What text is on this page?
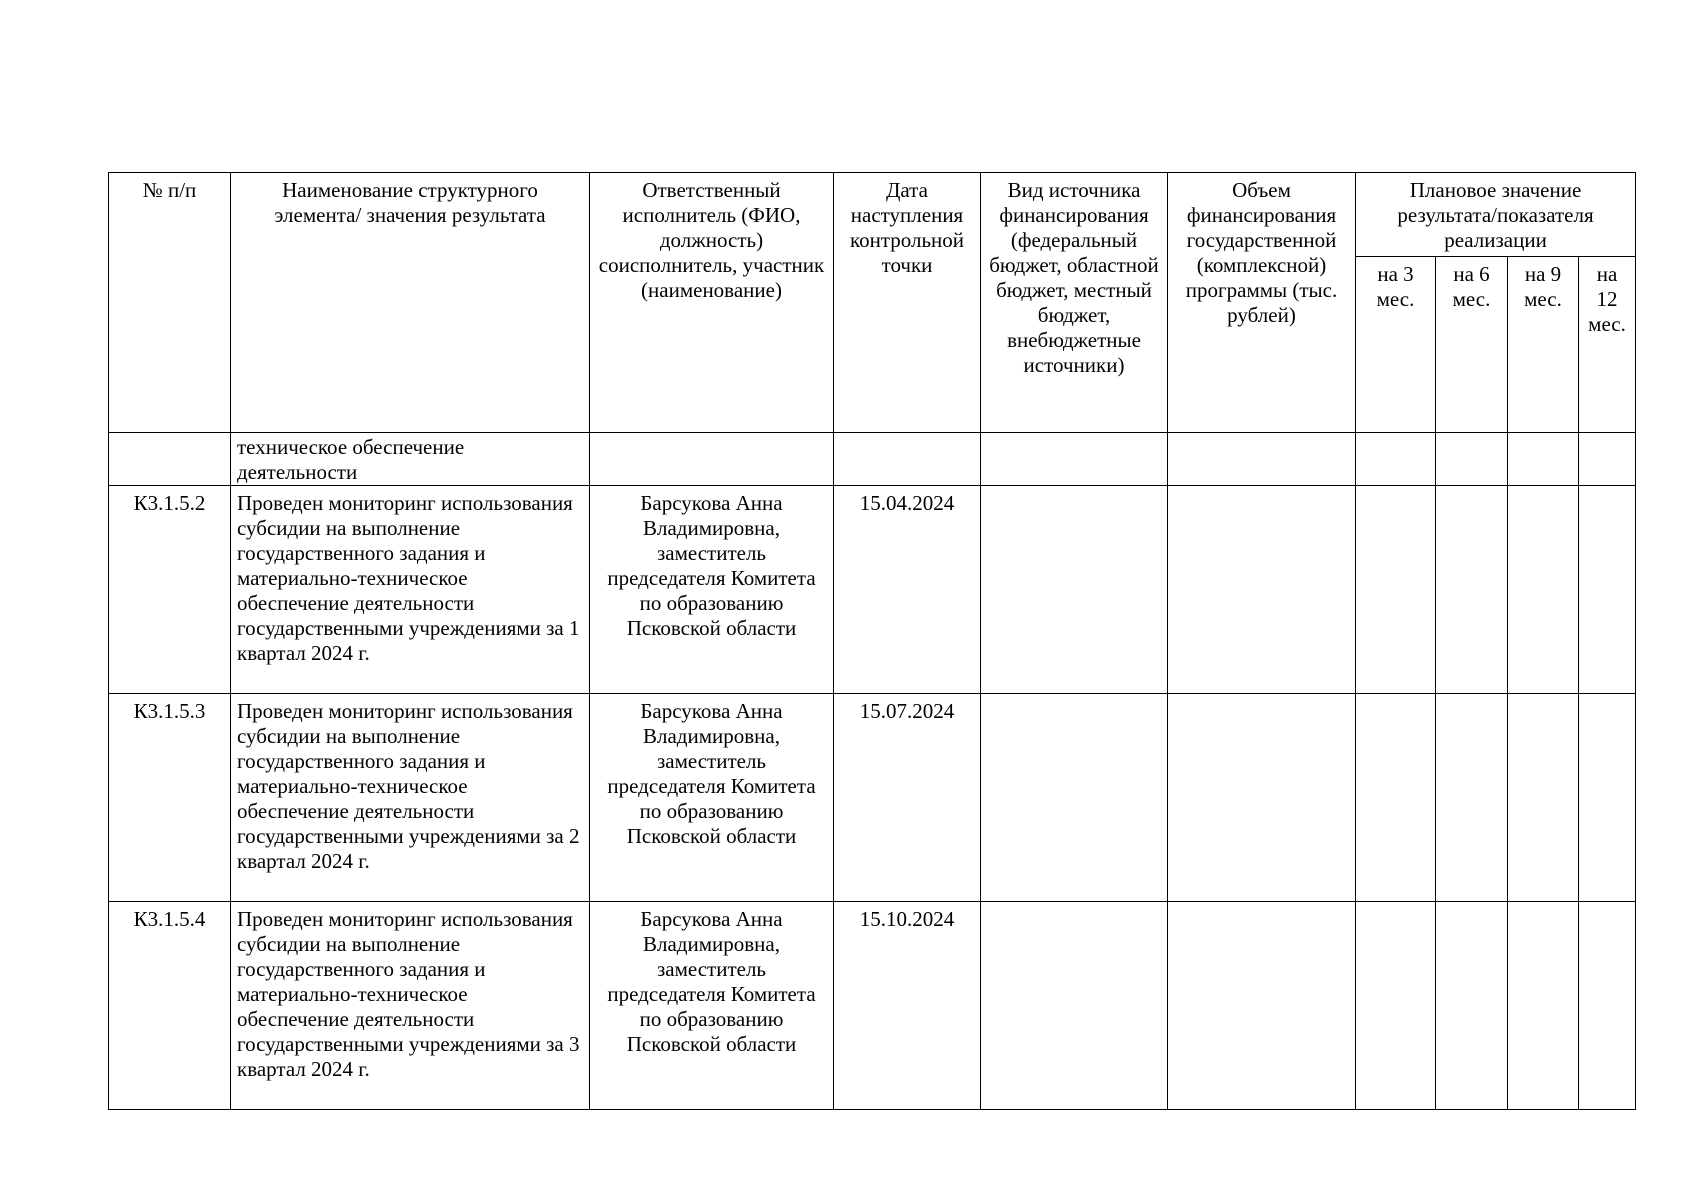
№ п/п	Наименование структурного элемента/ значения результата	Ответственный исполнитель (ФИО, должность) соисполнитель, участник (наименование)	Дата наступления контрольной точки	Вид источника финансирования (федеральный бюджет, областной бюджет, местный бюджет, внебюджетные источники)	Объем финансирования государственной (комплексной) программы (тыс. рублей)	Плановое значение результата/показателя реализации			
						на 3 мес.	на 6 мес.	на 9 мес.	на 12 мес.
	техническое обеспечение деятельности								
К3.1.5.2	Проведен мониторинг использования субсидии на выполнение государственного задания и материально-техническое обеспечение деятельности государственными учреждениями за 1 квартал 2024 г.	Барсукова Анна Владимировна, заместитель председателя Комитета по образованию Псковской области	15.04.2024						
К3.1.5.3	Проведен мониторинг использования субсидии на выполнение государственного задания и материально-техническое обеспечение деятельности государственными учреждениями за 2 квартал 2024 г.	Барсукова Анна Владимировна, заместитель председателя Комитета по образованию Псковской области	15.07.2024						
К3.1.5.4	Проведен мониторинг использования субсидии на выполнение государственного задания и материально-техническое обеспечение деятельности государственными учреждениями за 3 квартал 2024 г.	Барсукова Анна Владимировна, заместитель председателя Комитета по образованию Псковской области	15.10.2024						
